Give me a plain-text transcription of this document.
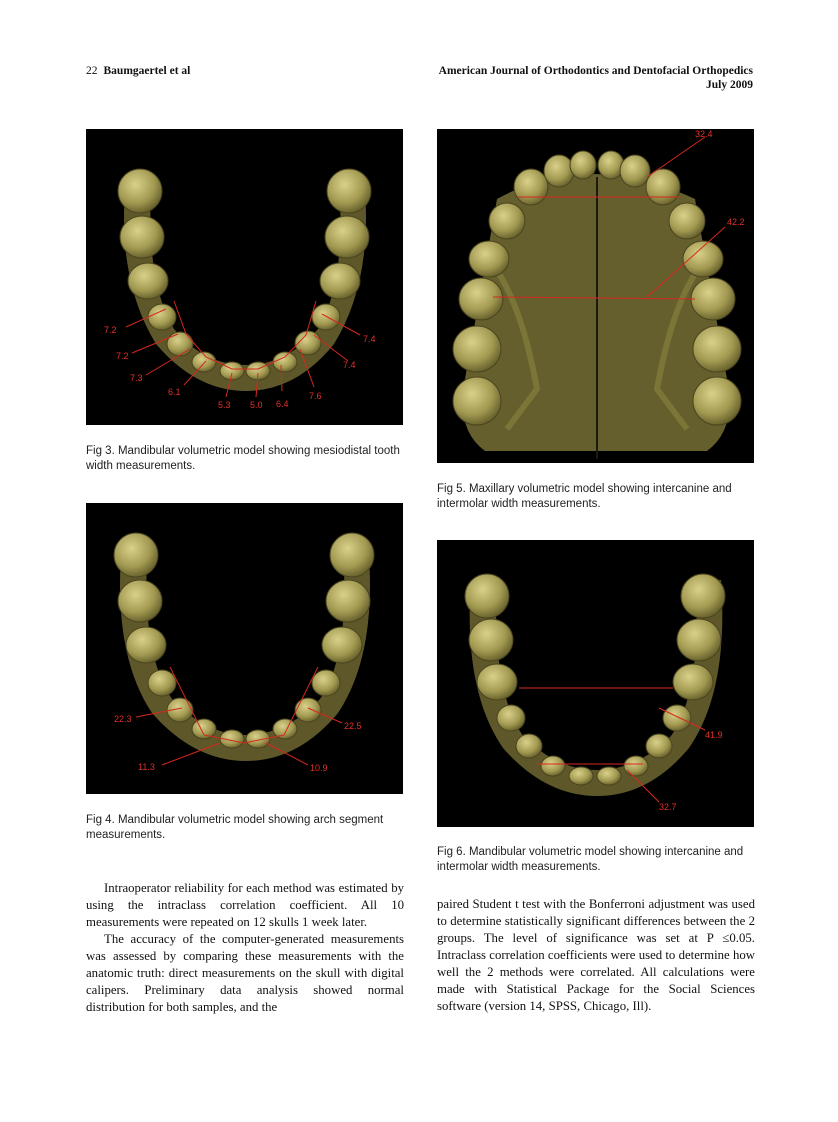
22 Baumgaertel et al	American Journal of Orthodontics and Dentofacial Orthopedics
July 2009
7.2
7.2
7.3
6.1
5.3 5.0 6.4
7.6
7.4
7.4
Fig 3. Mandibular volumetric model showing mesiodistal tooth width measurements.
22.3
11.3	10.9
22.5
Fig 4. Mandibular volumetric model showing arch segment measurements.
32.4
42.2
Fig 5. Maxillary volumetric model showing intercanine and intermolar width measurements.
41.9
32.7
Fig 6. Mandibular volumetric model showing intercanine and intermolar width measurements.

Intraoperator reliability for each method was estimated by using the intraclass correlation coefficient. All 10 measurements were repeated on 12 skulls 1 week later.

The accuracy of the computer-generated measurements was assessed by comparing these measurements with the anatomic truth: direct measurements on the skull with digital calipers. Preliminary data analysis showed normal distribution for both samples, and the

paired Student t test with the Bonferroni adjustment was used to determine statistically significant differences between the 2 groups. The level of significance was set at P ≤0.05. Intraclass correlation coefficients were used to determine how well the 2 methods were correlated. All calculations were made with Statistical Package for the Social Sciences software (version 14, SPSS, Chicago, Ill).
